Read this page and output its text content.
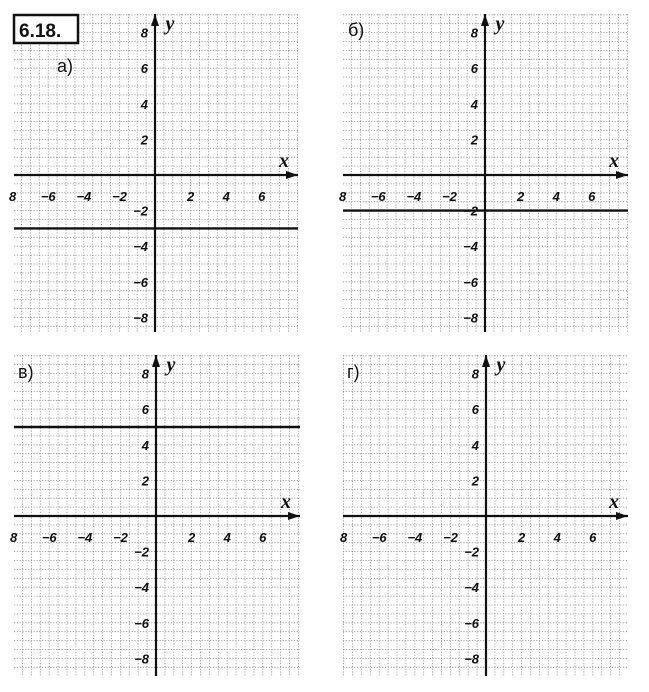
x
y
8 −6 −4 −2	2 4 6
8
6
4
2
−2
−4
−6
−8
а)
x
y
8 −6 −4 −2	2 4 6
8
6
4
2
−2
−4
−6
−8
б)
x
y
8 −6 −4 −2	2 4 6
8
6
4
2
−2
−4
−6
−8
в)
x
y
8 −6 −4 −2	2 4 6
8
6
4
2
−2
−4
−6
−8
г)
6.18.
